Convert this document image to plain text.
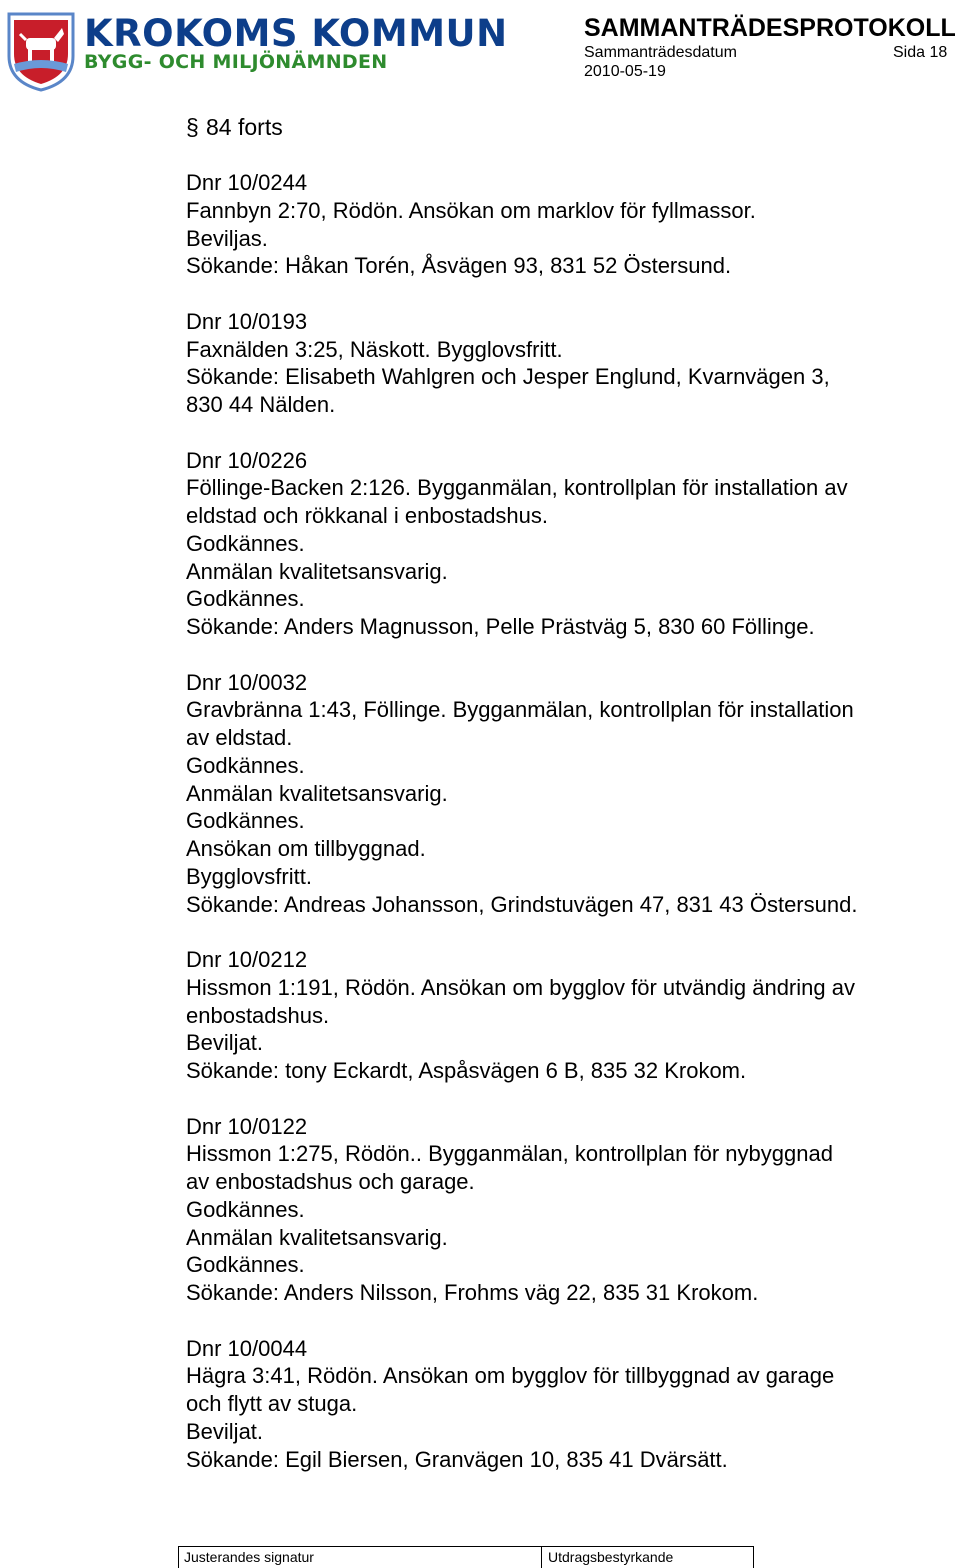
KROKOMS KOMMUN
BYGG- OCH MILJÖNÄMNDEN
SAMMANTRÄDESPROTOKOLL
Sammanträdesdatum	Sida 18
2010-05-19
§ 84 forts
Dnr 10/0244
Fannbyn 2:70, Rödön. Ansökan om marklov för fyllmassor.
Beviljas.
Sökande: Håkan Torén, Åsvägen 93, 831 52 Östersund.
Dnr 10/0193
Faxnälden 3:25, Näskott. Bygglovsfritt.
Sökande: Elisabeth Wahlgren och Jesper Englund, Kvarnvägen 3,
830 44 Nälden.
Dnr 10/0226
Föllinge-Backen 2:126. Bygganmälan, kontrollplan för installation av
eldstad och rökkanal i enbostadshus.
Godkännes.
Anmälan kvalitetsansvarig.
Godkännes.
Sökande: Anders Magnusson, Pelle Prästväg 5, 830 60 Föllinge.
Dnr 10/0032
Gravbränna 1:43, Föllinge. Bygganmälan, kontrollplan för installation
av eldstad.
Godkännes.
Anmälan kvalitetsansvarig.
Godkännes.
Ansökan om tillbyggnad.
Bygglovsfritt.
Sökande: Andreas Johansson, Grindstuvägen 47, 831 43 Östersund.
Dnr 10/0212
Hissmon 1:191, Rödön. Ansökan om bygglov för utvändig ändring av
enbostadshus.
Beviljat.
Sökande: tony Eckardt, Aspåsvägen 6 B, 835 32 Krokom.
Dnr 10/0122
Hissmon 1:275, Rödön.. Bygganmälan, kontrollplan för nybyggnad
av enbostadshus och garage.
Godkännes.
Anmälan kvalitetsansvarig.
Godkännes.
Sökande: Anders Nilsson, Frohms väg 22, 835 31 Krokom.
Dnr 10/0044
Hägra 3:41, Rödön. Ansökan om bygglov för tillbyggnad av garage
och flytt av stuga.
Beviljat.
Sökande: Egil Biersen, Granvägen 10, 835 41 Dvärsätt.
Justerandes signatur	Utdragsbestyrkande
